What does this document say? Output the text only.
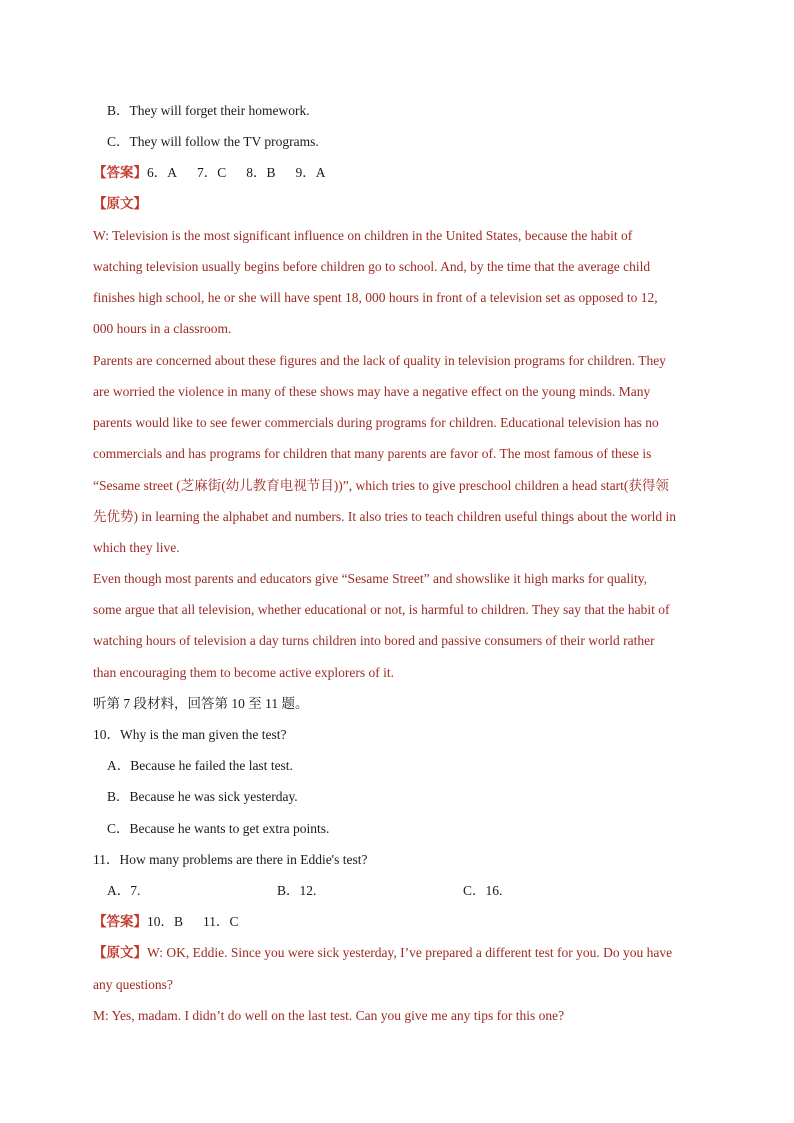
B．They will forget their homework.
C．They will follow the TV programs.
【答案】6．A 7．C 8．B 9．A
【原文】
W: Television is the most significant influence on children in the United States, because the habit of
watching television usually begins before children go to school. And, by the time that the average child
finishes high school, he or she will have spent 18, 000 hours in front of a television set as opposed to 12,
000 hours in a classroom.
Parents are concerned about these figures and the lack of quality in television programs for children. They
are worried the violence in many of these shows may have a negative effect on the young minds. Many
parents would like to see fewer commercials during programs for children. Educational television has no
commercials and has programs for children that many parents are favor of. The most famous of these is
“Sesame street (芝麻街(幼儿教育电视节目))”, which tries to give preschool children a head start(获得领
先优势) in learning the alphabet and numbers. It also tries to teach children useful things about the world in
which they live.
Even though most parents and educators give “Sesame Street” and showslike it high marks for quality,
some argue that all television, whether educational or not, is harmful to children. They say that the habit of
watching hours of television a day turns children into bored and passive consumers of their world rather
than encouraging them to become active explorers of it.
听第 7 段材料，回答第 10 至 11 题。
10．Why is the man given the test?
A．Because he failed the last test.
B．Because he was sick yesterday.
C．Because he wants to get extra points.
11．How many problems are there in Eddie's test?
A．7.	B．12.	C．16.
【答案】10．B 11．C
【原文】W: OK, Eddie. Since you were sick yesterday, I’ve prepared a different test for you. Do you have
any questions?
M: Yes, madam. I didn’t do well on the last test. Can you give me any tips for this one?
